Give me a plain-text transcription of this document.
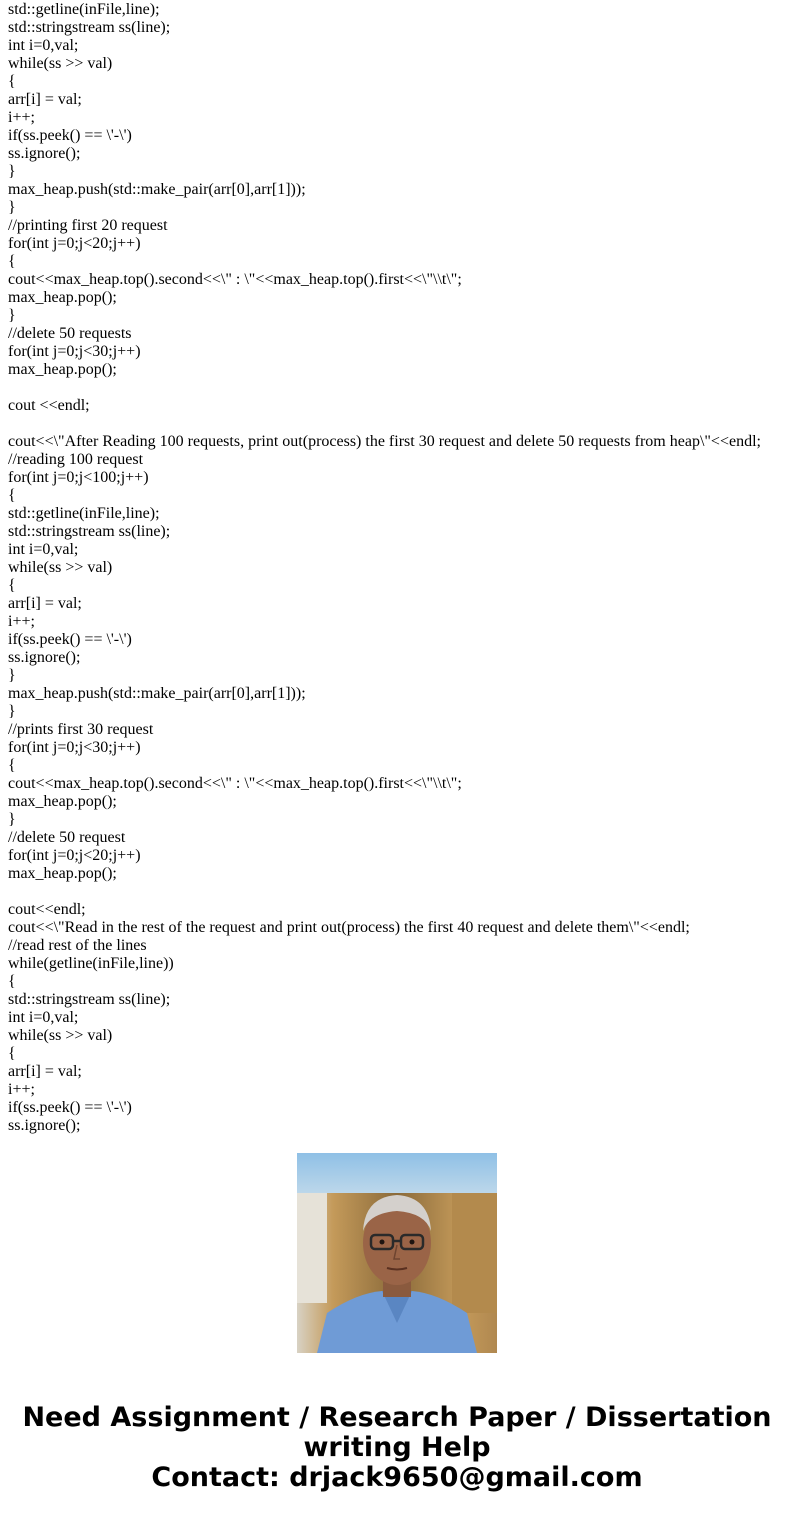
std::getline(inFile,line);
std::stringstream ss(line);
int i=0,val;
while(ss >> val)
{
arr[i] = val;
i++;
if(ss.peek() == \'-\')
ss.ignore();
}
max_heap.push(std::make_pair(arr[0],arr[1]));
}
//printing first 20 request
for(int j=0;j<20;j++)
{
cout<<max_heap.top().second<<\" : \"<<max_heap.top().first<<\"\\t\";
max_heap.pop();
}
//delete 50 requests
for(int j=0;j<30;j++)
max_heap.pop();
cout <<endl;
cout<<\"After Reading 100 requests, print out(process) the first 30 request and delete 50 requests from heap\"<<endl;
//reading 100 request
for(int j=0;j<100;j++)
{
std::getline(inFile,line);
std::stringstream ss(line);
int i=0,val;
while(ss >> val)
{
arr[i] = val;
i++;
if(ss.peek() == \'-\')
ss.ignore();
}
max_heap.push(std::make_pair(arr[0],arr[1]));
}
//prints first 30 request
for(int j=0;j<30;j++)
{
cout<<max_heap.top().second<<\" : \"<<max_heap.top().first<<\"\\t\";
max_heap.pop();
}
//delete 50 request
for(int j=0;j<20;j++)
max_heap.pop();
cout<<endl;
cout<<\"Read in the rest of the request and print out(process) the first 40 request and delete them\"<<endl;
//read rest of the lines
while(getline(inFile,line))
{
std::stringstream ss(line);
int i=0,val;
while(ss >> val)
{
arr[i] = val;
i++;
if(ss.peek() == \'-\')
ss.ignore();
Need Assignment / Research Paper / Dissertation
writing Help
Contact: drjack9650@gmail.com
